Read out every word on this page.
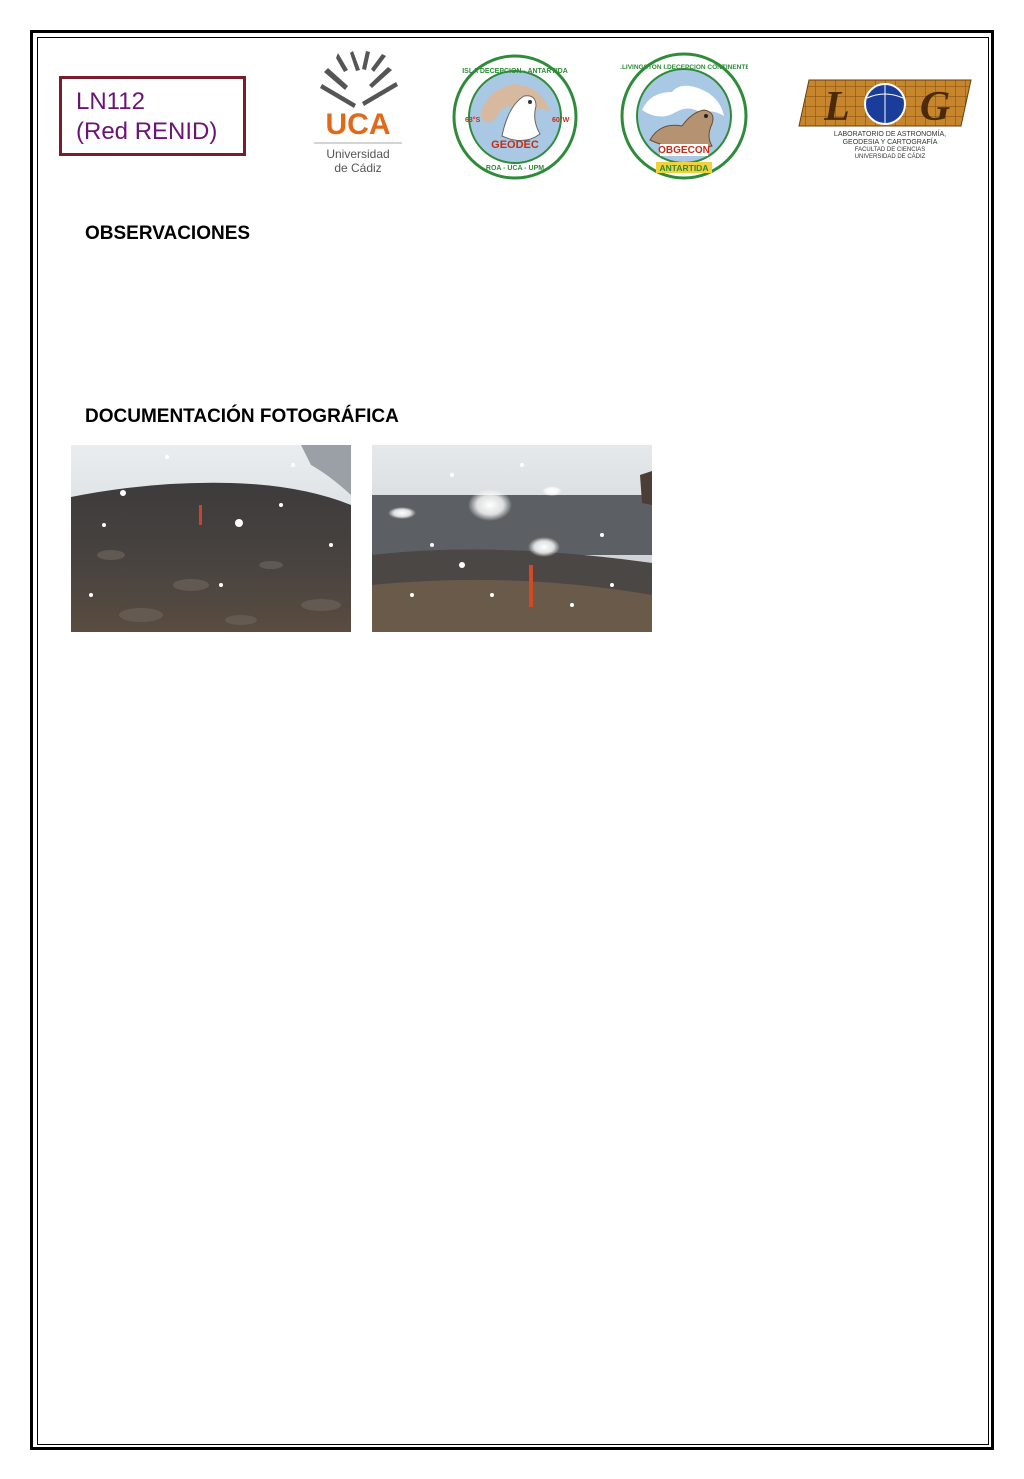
LN112
(Red RENID)	UCA
Universidad
de Cádiz
GEODEC
ISLA DECEPCION - ANTARTIDA
ROA - UCA - UPM
63°S	60°W
OBGECON
I.LIVINGSTON I.DECEPCION CONTINENTE
ANTARTIDA
L G
LABORATORIO DE ASTRONOMÍA,
GEODESIA Y CARTOGRAFÍA
FACULTAD DE CIENCIAS
UNIVERSIDAD DE CÁDIZ
OBSERVACIONES
DOCUMENTACIÓN FOTOGRÁFICA
